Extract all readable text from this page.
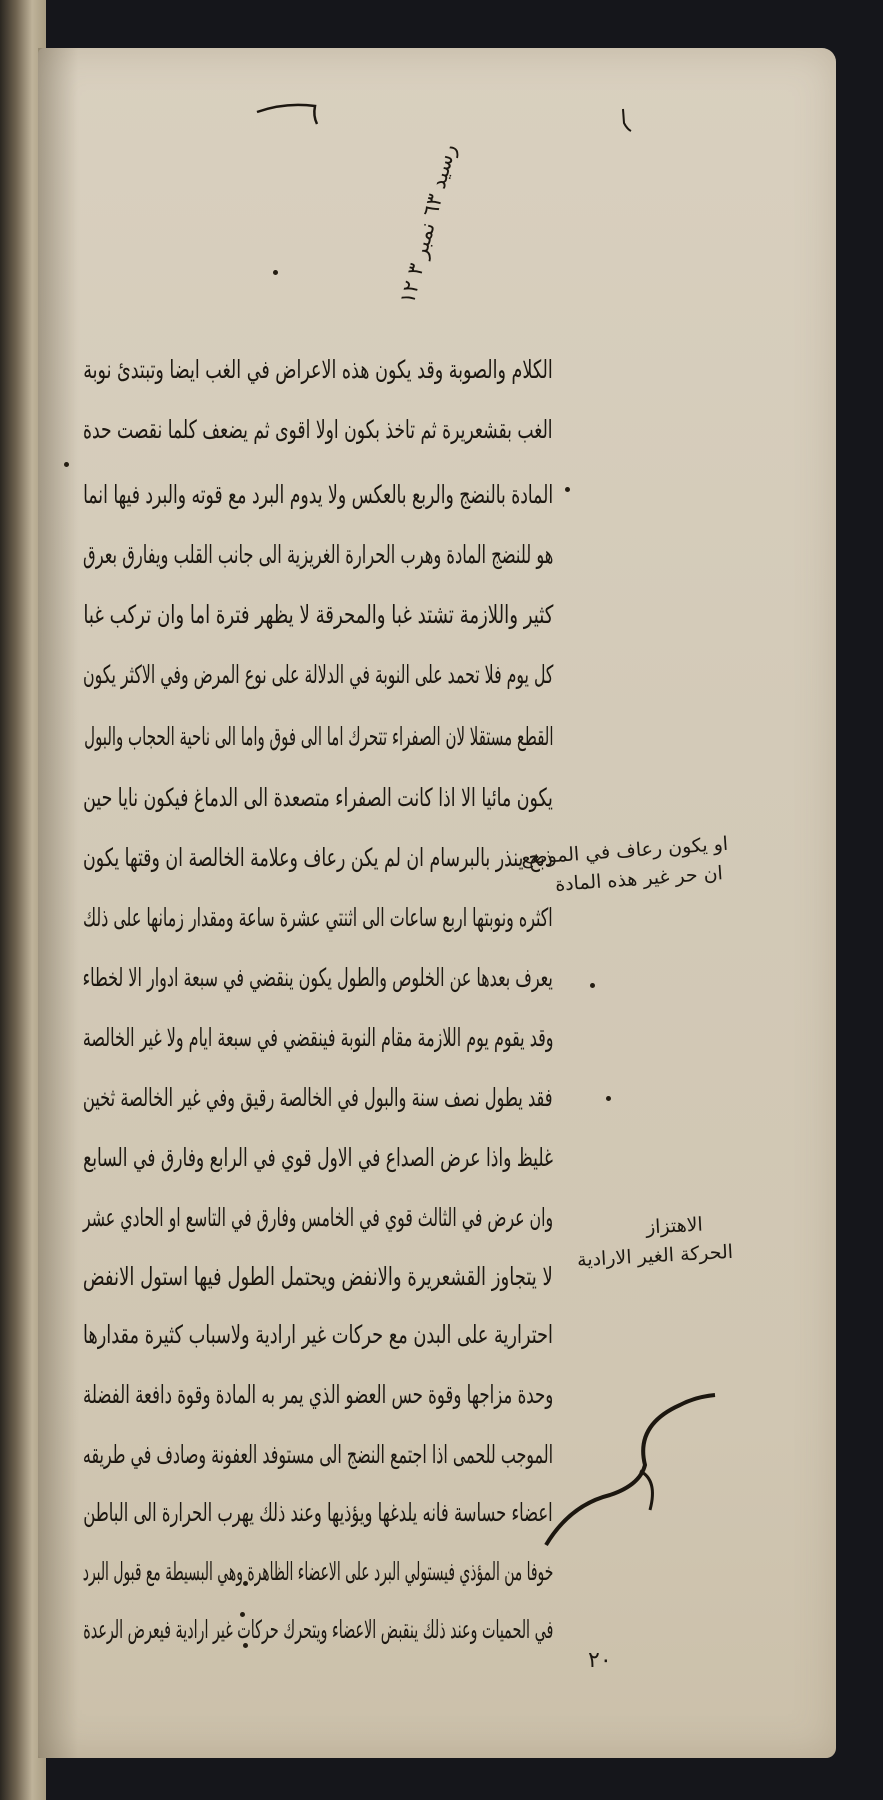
رسيد ٦٣ نمبر ٣ ١٢
الكلام والصوبة وقد يكون هذه الاعراض في الغب ايضا وتبتدئ نوبة
الغب بقشعريرة ثم تاخذ بكون اولا اقوى ثم يضعف كلما نقصت حدة
المادة بالنضج والربع بالعكس ولا يدوم البرد مع قوته والبرد فيها انما
هو للنضج المادة وهرب الحرارة الغريزية الى جانب القلب ويفارق بعرق
كثير واللازمة تشتد غبا والمحرقة لا يظهر فترة اما وان تركب غبا
كل يوم فلا تحمد على النوبة في الدلالة على نوع المرض وفي الاكثر يكون
القطع مستقلا لان الصفراء تتحرك اما الى فوق واما الى ناحية الحجاب والبول
يكون مائيا الا اذا كانت الصفراء متصعدة الى الدماغ فيكون نايا حين
ذبح ينذر بالبرسام ان لم يكن رعاف وعلامة الخالصة ان وقتها يكون
اكثره ونوبتها اربع ساعات الى اثنتي عشرة ساعة ومقدار زمانها على ذلك
يعرف بعدها عن الخلوص والطول يكون ينقضي في سبعة ادوار الا لخطاء
وقد يقوم يوم اللازمة مقام النوبة فينقضي في سبعة ايام ولا غير الخالصة
فقد يطول نصف سنة والبول في الخالصة رقيق وفي غير الخالصة ثخين
غليظ واذا عرض الصداع في الاول قوي في الرابع وفارق في السابع
وان عرض في الثالث قوي في الخامس وفارق في التاسع او الحادي عشر
لا يتجاوز القشعريرة والانفض ويحتمل الطول فيها استول الانفض
احترارية على البدن مع حركات غير ارادية ولاسباب كثيرة مقدارها
وحدة مزاجها وقوة حس العضو الذي يمر به المادة وقوة دافعة الفضلة
الموجب للحمى اذا اجتمع النضج الى مستوفد العفونة وصادف في طريقه
اعضاء حساسة فانه يلدغها ويؤذيها وعند ذلك يهرب الحرارة الى الباطن
خوفا من المؤذي فيستولي البرد على الاعضاء الظاهرة وهي البسيطة مع قبول البرد
في الحميات وعند ذلك ينقبض الاعضاء ويتحرك حركات غير ارادية فيعرض الرعدة
او يكون رعاف في الموضع
ان حر غير هذه المادة
الاهتزاز
الحركة الغير الارادية
٢٠
